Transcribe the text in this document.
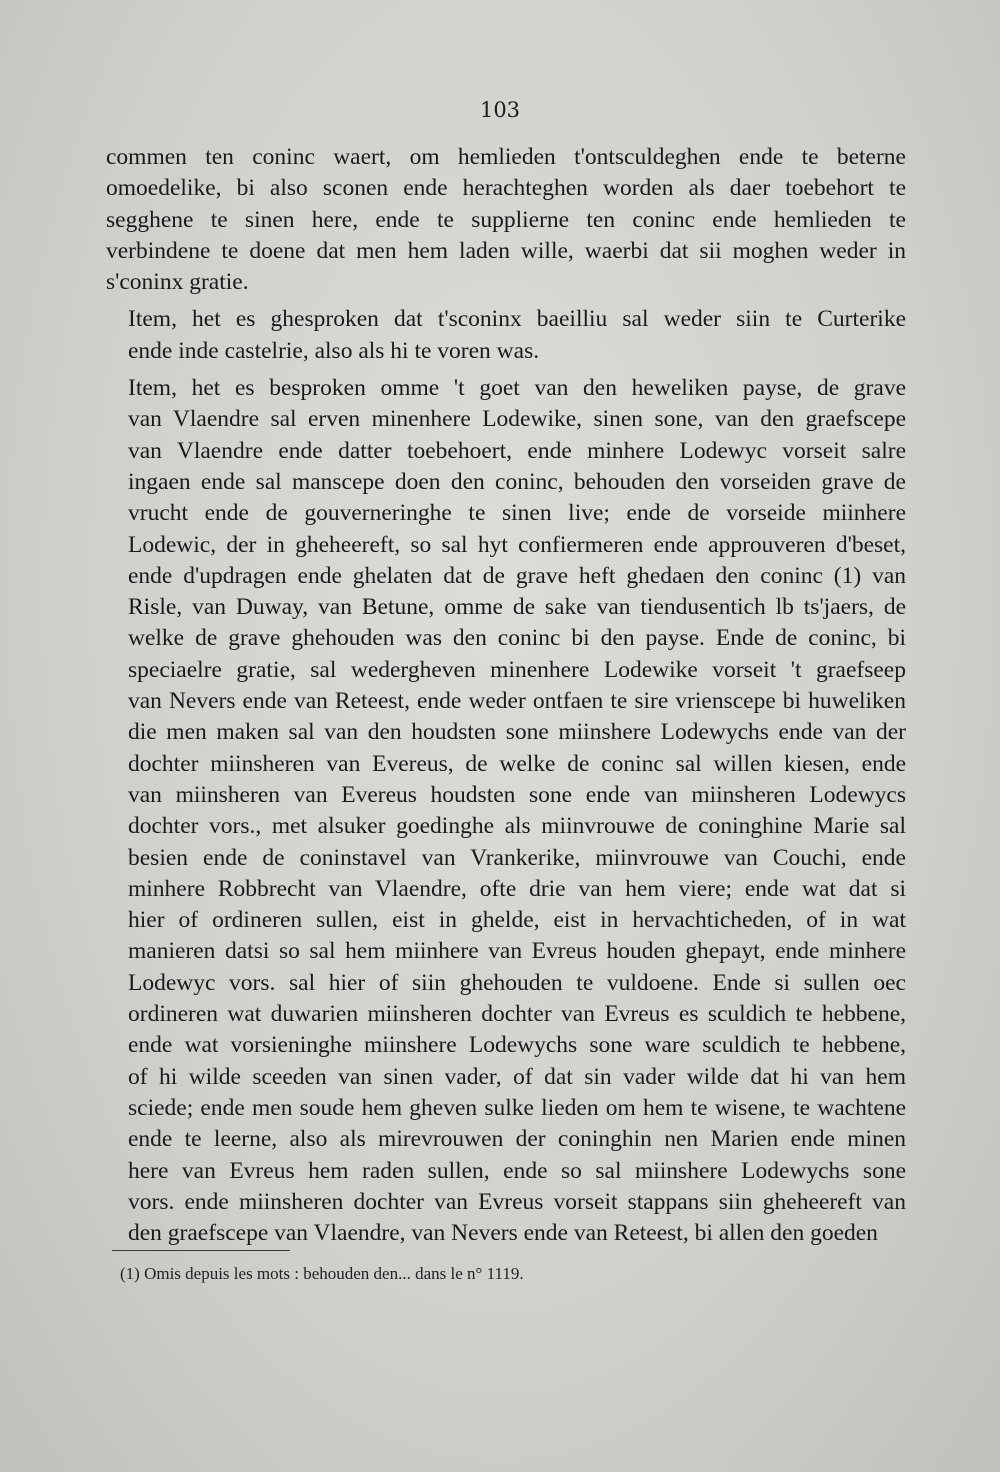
103
commen ten coninc waert, om hemlieden t'ontsculdeghen ende te beterne
omoedelike, bi also sconen ende herachteghen worden als daer toebehort te
segghene te sinen here, ende te supplierne ten coninc ende hemlieden te
verbindene te doene dat men hem laden wille, waerbi dat sii moghen weder in
s'coninx gratie.
Item, het es ghesproken dat t'sconinx baeilliu sal weder siin te Curterike
ende inde castelrie, also als hi te voren was.
Item, het es besproken omme 't goet van den heweliken payse, de grave
van Vlaendre sal erven minenhere Lodewike, sinen sone, van den graefscepe
van Vlaendre ende datter toebehoert, ende minhere Lodewyc vorseit salre
ingaen ende sal manscepe doen den coninc, behouden den vorseiden grave de
vrucht ende de gouverneringhe te sinen live; ende de vorseide miinhere
Lodewic, der in gheheereft, so sal hyt confiermeren ende approuveren d'beset,
ende d'updragen ende ghelaten dat de grave heft ghedaen den coninc (1) van
Risle, van Duway, van Betune, omme de sake van tiendusentich lb ts'jaers, de
welke de grave ghehouden was den coninc bi den payse. Ende de coninc, bi
speciaelre gratie, sal wedergheven minenhere Lodewike vorseit 't graefseep
van Nevers ende van Reteest, ende weder ontfaen te sire vrienscepe bi huweliken
die men maken sal van den houdsten sone miinshere Lodewychs ende van der
dochter miinsheren van Evereus, de welke de coninc sal willen kiesen, ende
van miinsheren van Evereus houdsten sone ende van miinsheren Lodewycs
dochter vors., met alsuker goedinghe als miinvrouwe de coninghine Marie sal
besien ende de coninstavel van Vrankerike, miinvrouwe van Couchi, ende
minhere Robbrecht van Vlaendre, ofte drie van hem viere; ende wat dat si
hier of ordineren sullen, eist in ghelde, eist in hervachticheden, of in wat
manieren datsi so sal hem miinhere van Evreus houden ghepayt, ende minhere
Lodewyc vors. sal hier of siin ghehouden te vuldoene. Ende si sullen oec
ordineren wat duwarien miinsheren dochter van Evreus es sculdich te hebbene,
ende wat vorsieninghe miinshere Lodewychs sone ware sculdich te hebbene,
of hi wilde sceeden van sinen vader, of dat sin vader wilde dat hi van hem
sciede; ende men soude hem gheven sulke lieden om hem te wisene, te wachtene
ende te leerne, also als mirevrouwen der coninghin nen Marien ende minen
here van Evreus hem raden sullen, ende so sal miinshere Lodewychs sone
vors. ende miinsheren dochter van Evreus vorseit stappans siin gheheereft van
den graefscepe van Vlaendre, van Nevers ende van Reteest, bi allen den goeden
(1) Omis depuis les mots : behouden den... dans le n° 1119.
